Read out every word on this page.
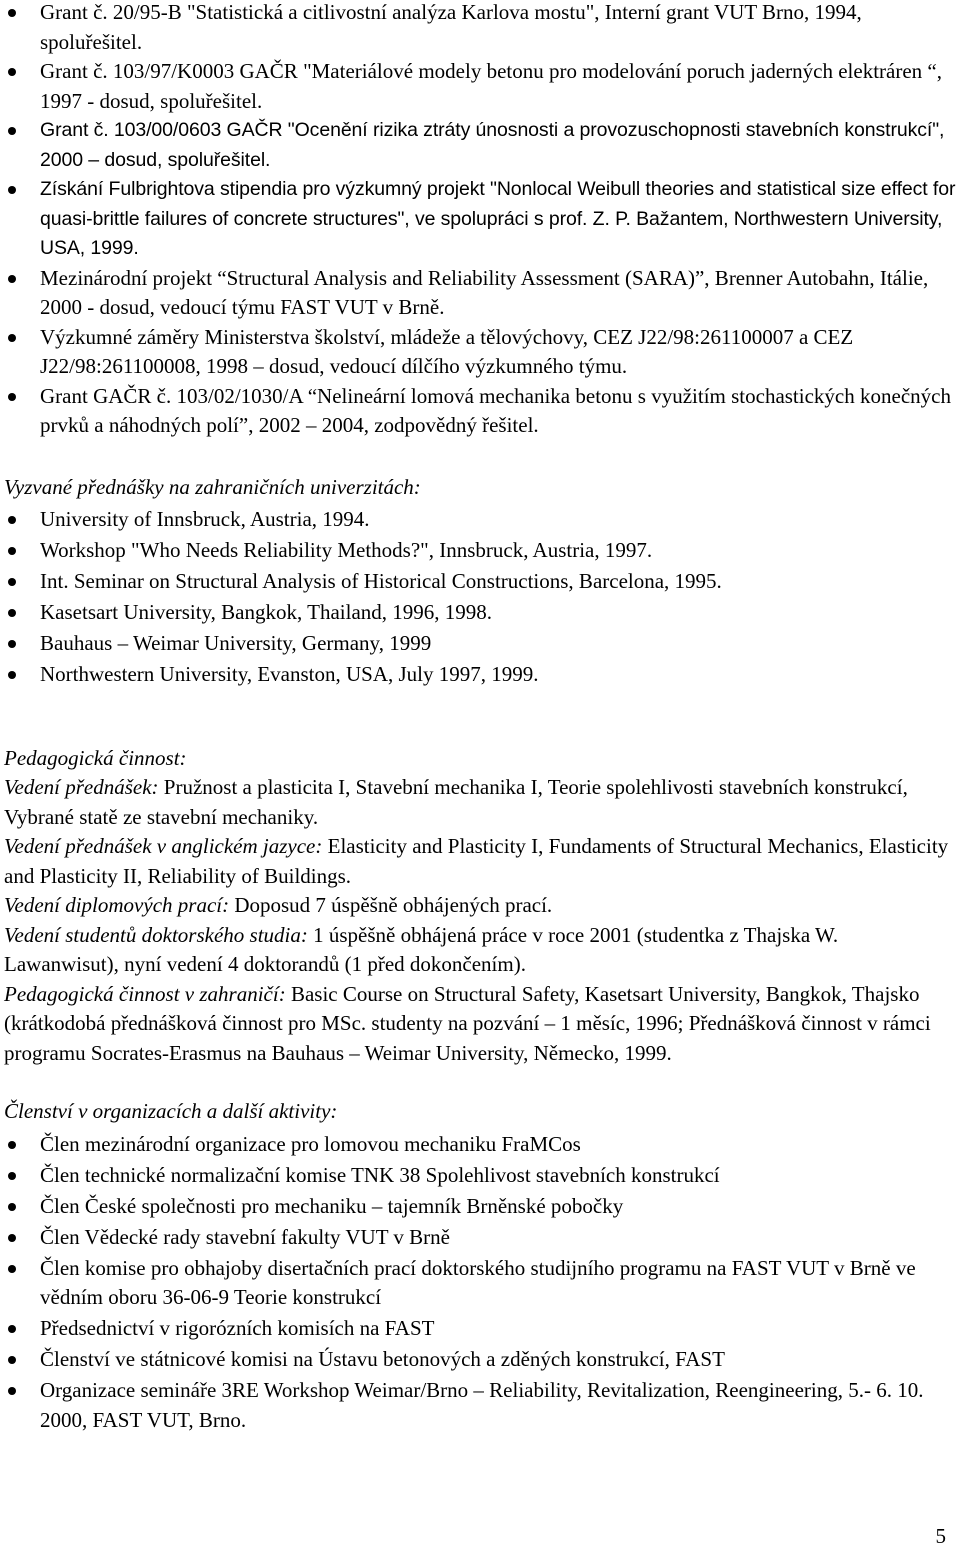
Grant č. 20/95-B "Statistická a citlivostní analýza Karlova mostu", Interní grant VUT Brno, 1994, spoluřešitel.
Grant č. 103/97/K0003 GAČR "Materiálové modely betonu pro modelování poruch jaderných elektráren “, 1997 - dosud, spoluřešitel.
Grant č. 103/00/0603 GAČR "Ocenění rizika ztráty únosnosti a provozuschopnosti stavebních konstrukcí", 2000 – dosud, spoluřešitel.
Získání Fulbrightova stipendia pro výzkumný projekt "Nonlocal Weibull theories and statistical size effect for quasi-brittle failures of concrete structures", ve spolupráci s prof. Z. P. Bažantem, Northwestern University, USA, 1999.
Mezinárodní projekt “Structural Analysis and Reliability Assessment (SARA)”, Brenner Autobahn, Itálie, 2000 - dosud, vedoucí týmu FAST VUT v Brně.
Výzkumné záměry Ministerstva školství, mládeže a tělovýchovy, CEZ J22/98:261100007 a CEZ J22/98:261100008, 1998 – dosud, vedoucí dílčího výzkumného týmu.
Grant GAČR č. 103/02/1030/A “Nelineární lomová mechanika betonu s využitím stochastických konečných prvků a náhodných polí”, 2002 – 2004, zodpovědný řešitel.

Vyzvané přednášky na zahraničních univerzitách:

University of Innsbruck, Austria, 1994.
Workshop "Who Needs Reliability Methods?", Innsbruck, Austria, 1997.
Int. Seminar on Structural Analysis of Historical Constructions, Barcelona, 1995.
Kasetsart University, Bangkok, Thailand, 1996, 1998.
Bauhaus – Weimar University, Germany, 1999
Northwestern University, Evanston, USA, July 1997, 1999.

Pedagogická činnost:

Vedení přednášek: Pružnost a plasticita I, Stavební mechanika I, Teorie spolehlivosti stavebních konstrukcí, Vybrané statě ze stavební mechaniky.

Vedení přednášek v anglickém jazyce: Elasticity and Plasticity I, Fundaments of Structural Mechanics, Elasticity and Plasticity II, Reliability of Buildings.

Vedení diplomových prací: Doposud 7 úspěšně obhájených prací.

Vedení studentů doktorského studia: 1 úspěšně obhájená práce v roce 2001 (studentka z Thajska W. Lawanwisut), nyní vedení 4 doktorandů (1 před dokončením).

Pedagogická činnost v zahraničí: Basic Course on Structural Safety, Kasetsart University, Bangkok, Thajsko (krátkodobá přednášková činnost pro MSc. studenty na pozvání – 1 měsíc, 1996; Přednášková činnost v rámci programu Socrates-Erasmus na Bauhaus – Weimar University, Německo, 1999.

Členství v organizacích a další aktivity:

Člen mezinárodní organizace pro lomovou mechaniku FraMCos
Člen technické normalizační komise TNK 38 Spolehlivost stavebních konstrukcí
Člen České společnosti pro mechaniku – tajemník Brněnské pobočky
Člen Vědecké rady stavební fakulty VUT v Brně
Člen komise pro obhajoby disertačních prací doktorského studijního programu na FAST VUT v Brně ve vědním oboru 36-06-9 Teorie konstrukcí
Předsednictví v rigorózních komisích na FAST
Členství ve státnicové komisi na Ústavu betonových a zděných konstrukcí, FAST
Organizace semináře 3RE Workshop Weimar/Brno – Reliability, Revitalization, Reengineering, 5.- 6. 10. 2000, FAST VUT, Brno.
5
